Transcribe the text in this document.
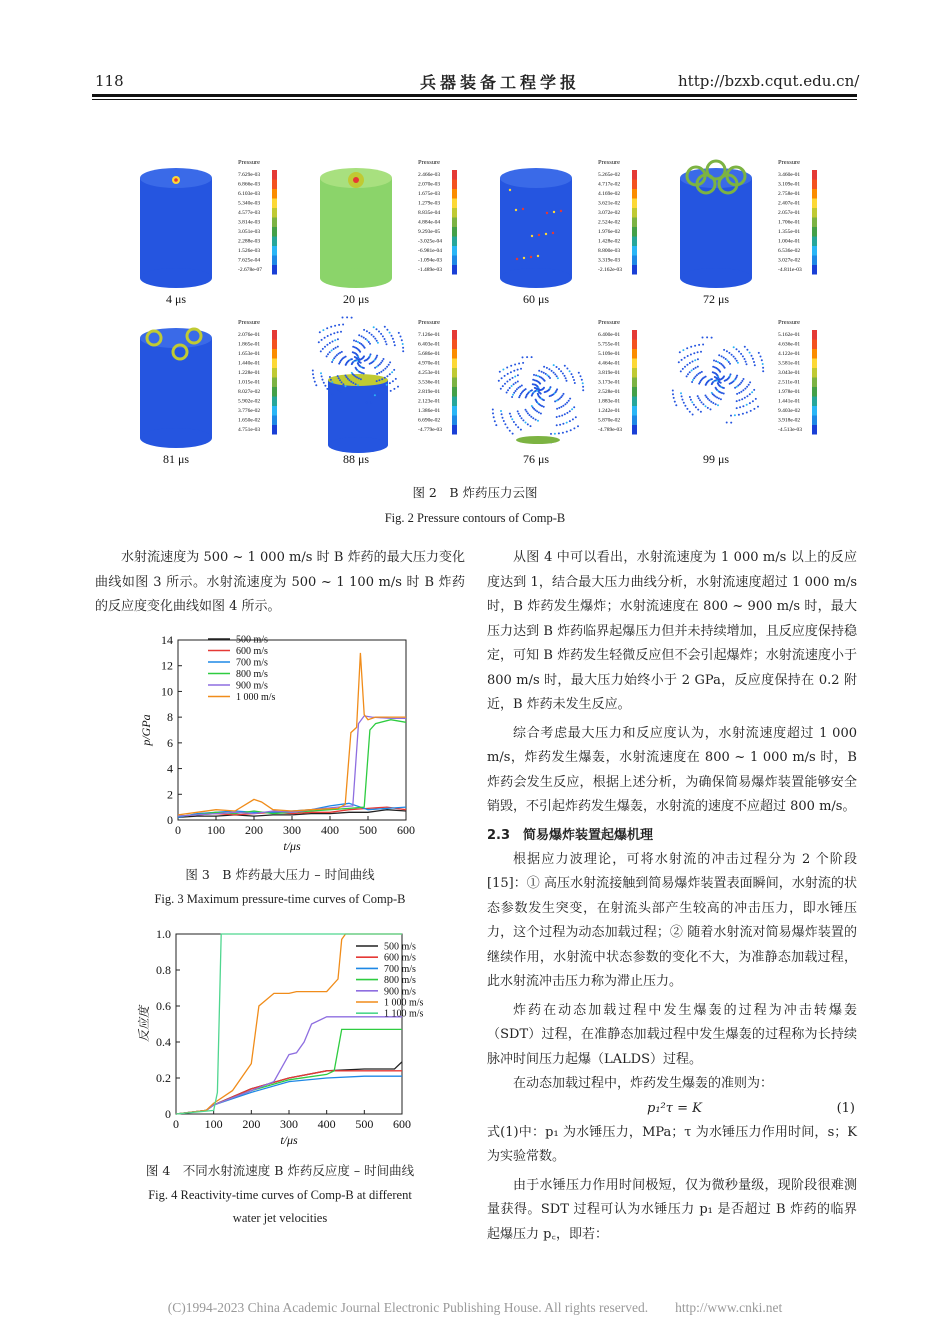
118	兵器装备工程学报	http://bzxb.cqut.edu.cn/
Pressure
7.629e-03
6.866e-03
6.103e-03
5.340e-03
4.577e-03
3.814e-03
3.051e-03
2.288e-03
1.526e-03
7.625e-04
-2.678e-07
4 μs
Pressure
2.466e-03
2.070e-03
1.675e-03
1.279e-03
8.835e-04
4.884e-04
9.293e-05
-3.025e-04
-6.981e-04
-1.094e-03
-1.489e-03
20 μs
Pressure
5.265e-02
4.717e-02
4.169e-02
3.621e-02
3.072e-02
2.524e-02
1.976e-02
1.428e-02
8.800e-03
3.319e-03
-2.162e-03
60 μs
Pressure
3.460e-01
3.109e-01
2.758e-01
2.407e-01
2.057e-01
1.706e-01
1.355e-01
1.004e-01
6.536e-02
3.027e-02
-4.811e-03
72 μs
Pressure
2.076e-01
1.865e-01
1.653e-01
1.440e-01
1.228e-01
1.015e-01
8.027e-02
5.902e-02
3.776e-02
1.650e-02
4.751e-03
81 μs
Pressure
7.126e-01
6.403e-01
5.686e-01
4.970e-01
4.253e-01
3.536e-01
2.819e-01
2.123e-01
1.386e-01
6.690e-02
-4.779e-03
88 μs
Pressure
6.400e-01
5.755e-01
5.109e-01
4.464e-01
3.819e-01
3.173e-01
2.528e-01
1.883e-01
1.242e-01
5.870e-02
-4.789e-03
76 μs
Pressure
5.162e-01
4.636e-01
4.122e-01
3.581e-01
3.043e-01
2.511e-01
1.978e-01
1.441e-01
9.403e-02
3.918e-02
-4.513e-03
99 μs
图 2　B 炸药压力云图
Fig. 2 Pressure contours of Comp-B
水射流速度为 500 ~ 1 000 m/s 时 B 炸药的最大压力变化曲线如图 3 所示。水射流速度为 500 ~ 1 100 m/s 时 B 炸药的反应度变化曲线如图 4 所示。
0 100 200 300 400 500 600
0
2
4
6
8
10
12
14
t/μs
p/GPa
500 m/s
600 m/s
700 m/s
800 m/s
900 m/s
1 000 m/s
图 3　B 炸药最大压力 – 时间曲线
Fig. 3 Maximum pressure-time curves of Comp-B
0 100 200 300 400 500 600
0
0.2
0.4
0.6
0.8
1.0
t/μs
反应度
500 m/s
600 m/s
700 m/s
800 m/s
900 m/s
1 000 m/s
1 100 m/s
图 4　不同水射流速度 B 炸药反应度 – 时间曲线
Fig. 4 Reactivity-time curves of Comp-B at different
water jet velocities
从图 4 中可以看出，水射流速度为 1 000 m/s 以上的反应度达到 1，结合最大压力曲线分析，水射流速度超过 1 000 m/s 时，B 炸药发生爆炸；水射流速度在 800 ~ 900 m/s 时，最大压力达到 B 炸药临界起爆压力但并未持续增加，且反应度保持稳定，可知 B 炸药发生轻微反应但不会引起爆炸；水射流速度小于 800 m/s 时，最大压力始终小于 2 GPa，反应度保持在 0.2 附近，B 炸药未发生反应。
综合考虑最大压力和反应度认为，水射流速度超过 1 000 m/s，炸药发生爆轰，水射流速度在 800 ~ 1 000 m/s 时，B 炸药会发生反应，根据上述分析，为确保简易爆炸装置能够安全销毁，不引起炸药发生爆轰，水射流的速度不应超过 800 m/s。
2.3　简易爆炸装置起爆机理
根据应力波理论，可将水射流的冲击过程分为 2 个阶段[15]：① 高压水射流接触到简易爆炸装置表面瞬间，水射流的状态参数发生突变，在射流头部产生较高的冲击压力，即水锤压力，这个过程为动态加载过程；② 随着水射流对简易爆炸装置的继续作用，水射流中状态参数的变化不大，为准静态加载过程，此水射流冲击压力称为滞止压力。
炸药在动态加载过程中发生爆轰的过程为冲击转爆轰（SDT）过程，在准静态加载过程中发生爆轰的过程称为长持续脉冲时间压力起爆（LALDS）过程。
在动态加载过程中，炸药发生爆轰的准则为：
p₁²τ = K	(1)
式(1)中：p₁ 为水锤压力，MPa；τ 为水锤压力作用时间，s；K 为实验常数。
由于水锤压力作用时间极短，仅为微秒量级，现阶段很难测量获得。SDT 过程可认为水锤压力 p₁ 是否超过 B 炸药的临界起爆压力 p꜀，即若：
(C)1994-2023 China Academic Journal Electronic Publishing House. All rights reserved.　　http://www.cnki.net
